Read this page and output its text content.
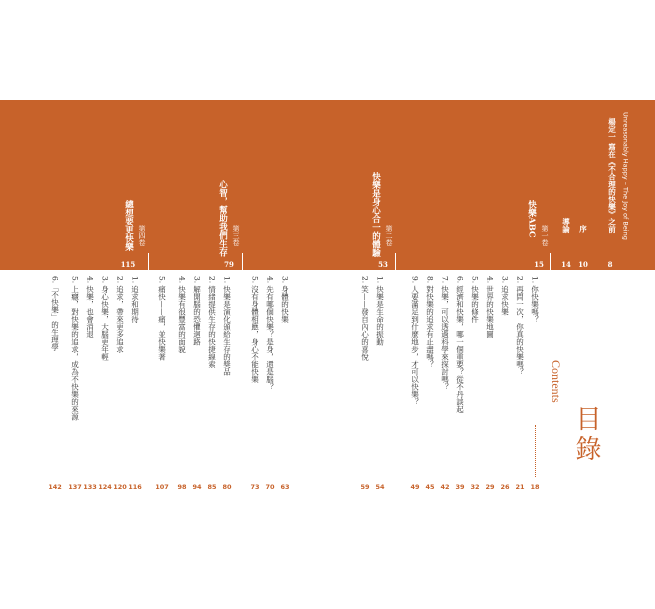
Unreasonably Happy – The Joy of Being
楊定一 寫在《不合理的快樂》之前
8
序
10
導論
14
第一卷
快樂ABC
15
第二卷
快樂是身心合一的體驗
53
第三卷
心智，幫助我們生存
79
第四卷
總想要更快樂
115
1. 你快樂嗎？
18
2. 再問一次，你真的快樂嗎？
21
3. 追求快樂
26
4. 世界的快樂地圖
29
5. 快樂的條件
32
6. 經濟和快樂，哪一個重要？從不丹談起
39
7. 快樂，可以透過科學來探討嗎？
42
8. 對快樂的追求有止盡嗎？
45
9. 人要滿足到什麼地步，才可以快樂？
49
1. 快樂是生命的振動
54
2. 笑——發自內心的喜悅
59
3. 身體的快樂
63
4. 先有哪個快樂？是身，還是腦？
70
5. 沒有身體相應，身心不能快樂
73
1. 快樂是演化頒給生存的獎品
80
2. 情緒提供生存的快捷線索
85
3. 解開腦的恐懼迴路
94
4. 快樂有很豐富的面貌
98
5. 痛快——痛，並快樂著
107
1. 追求和期待
116
2. 追求，帶來更多追求
120
3. 身心快樂，大腦更年輕
124
4. 快樂，也會消退
133
5. 上癮，對快樂的追求，成為不快樂的來源
137
6.「不快樂」的生理學
142
Contents
目錄
